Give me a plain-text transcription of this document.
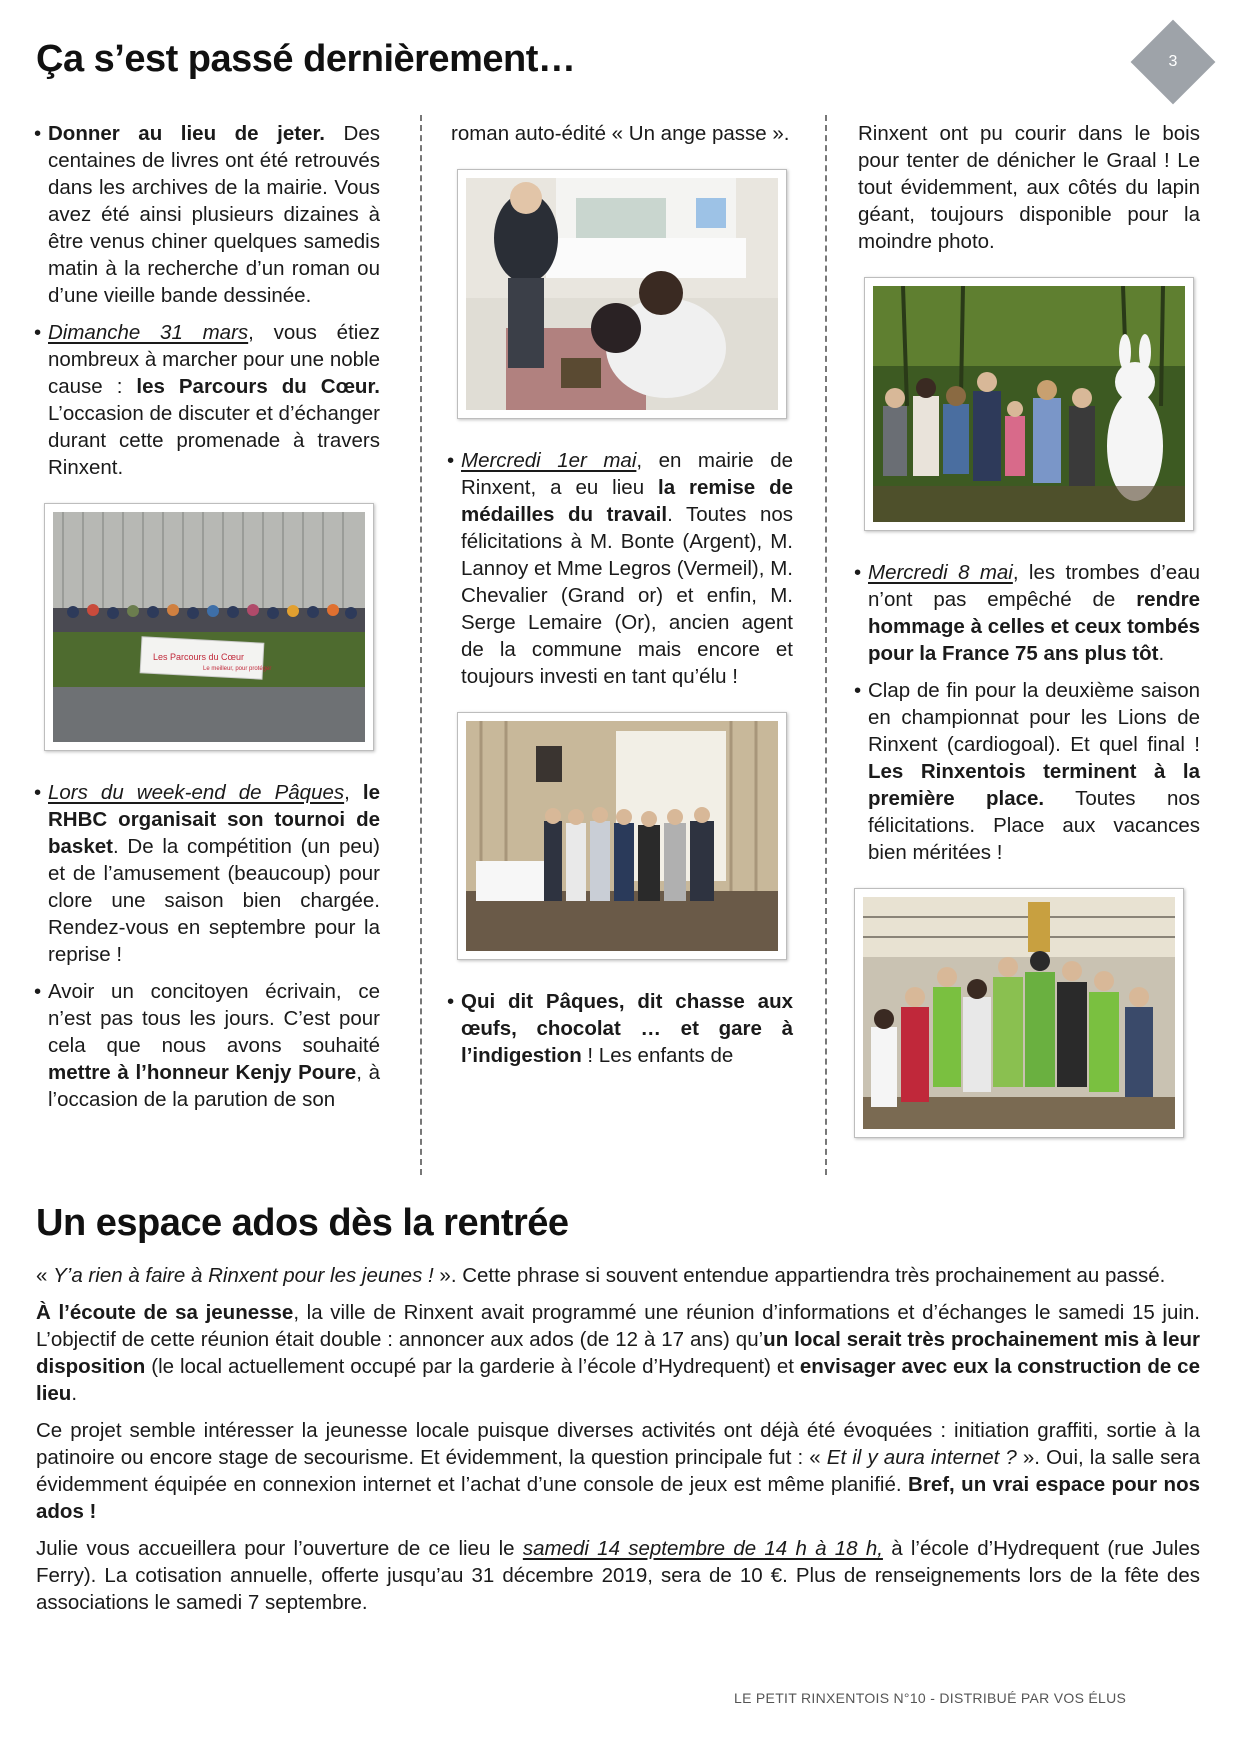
Ça s’est passé dernièrement…	3

• Donner au lieu de jeter. Des centaines de livres ont été retrouvés dans les archives de la mairie. Vous avez été ainsi plusieurs dizaines à être venus chiner quelques samedis matin à la recherche d’un roman ou d’une vieille bande dessinée.

• Dimanche 31 mars, vous étiez nombreux à marcher pour une noble cause : les Parcours du Cœur. L’occasion de discuter et d’échanger durant cette promenade à travers Rinxent.

Les Parcours du Cœur
Le meilleur, pour protéger

• Lors du week-end de Pâques, le RHBC organisait son tournoi de basket. De la compétition (un peu) et de l’amusement (beaucoup) pour clore une saison bien chargée. Rendez-vous en septembre pour la reprise !

• Avoir un concitoyen écrivain, ce n’est pas tous les jours. C’est pour cela que nous avons souhaité mettre à l’honneur Kenjy Poure, à l’occasion de la parution de son

roman auto-édité « Un ange passe ».

• Mercredi 1er mai, en mairie de Rinxent, a eu lieu la remise de médailles du travail. Toutes nos félicitations à M. Bonte (Argent), M. Lannoy et Mme Legros (Vermeil), M. Chevalier (Grand or) et enfin, M. Serge Lemaire (Or), ancien agent de la commune mais encore et toujours investi en tant qu’élu !

• Qui dit Pâques, dit chasse aux œufs, chocolat … et gare à l’indigestion ! Les enfants de

Rinxent ont pu courir dans le bois pour tenter de dénicher le Graal ! Le tout évidemment, aux côtés du lapin géant, toujours disponible pour la moindre photo.

• Mercredi 8 mai, les trombes d’eau n’ont pas empêché de rendre hommage à celles et ceux tombés pour la France 75 ans plus tôt.

• Clap de fin pour la deuxième saison en championnat pour les Lions de Rinxent (cardiogoal). Et quel final ! Les Rinxentois terminent à la première place. Toutes nos félicitations. Place aux vacances bien méritées !

Un espace ados dès la rentrée

« Y’a rien à faire à Rinxent pour les jeunes ! ». Cette phrase si souvent entendue appartiendra très prochainement au passé.

À l’écoute de sa jeunesse, la ville de Rinxent avait programmé une réunion d’informations et d’échanges le samedi 15 juin. L’objectif de cette réunion était double : annoncer aux ados (de 12 à 17 ans) qu’un local serait très prochainement mis à leur disposition (le local actuellement occupé par la garderie à l’école d’Hydrequent) et envisager avec eux la construction de ce lieu.

Ce projet semble intéresser la jeunesse locale puisque diverses activités ont déjà été évoquées : initiation graffiti, sortie à la patinoire ou encore stage de secourisme. Et évidemment, la question principale fut : « Et il y aura internet ? ». Oui, la salle sera évidemment équipée en connexion internet et l’achat d’une console de jeux est même planifié. Bref, un vrai espace pour nos ados !

Julie vous accueillera pour l’ouverture de ce lieu le samedi 14 septembre de 14 h à 18 h, à l’école d’Hydrequent (rue Jules Ferry). La cotisation annuelle, offerte jusqu’au 31 décembre 2019, sera de 10 €. Plus de renseignements lors de la fête des associations le samedi 7 septembre.

LE PETIT RINXENTOIS N°10 - DISTRIBUÉ PAR VOS ÉLUS
